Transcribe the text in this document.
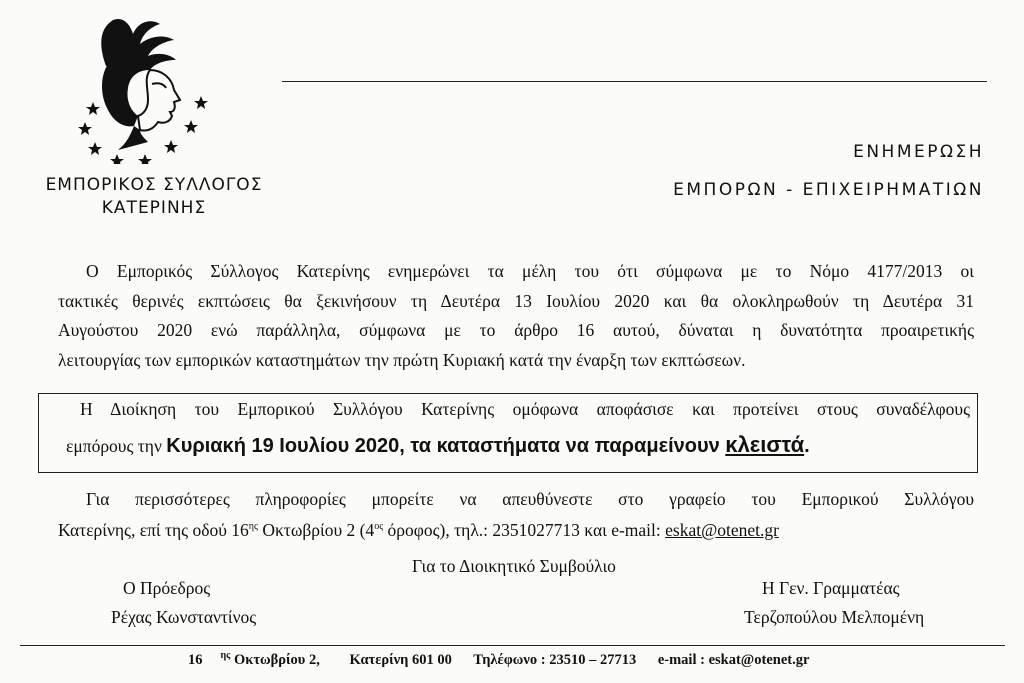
ΕΜΠΟΡΙΚΟΣ ΣΥΛΛΟΓΟΣ
ΚΑΤΕΡΙΝΗΣ
ΕΝΗΜΕΡΩΣΗ
ΕΜΠΟΡΩΝ - ΕΠΙΧΕΙΡΗΜΑΤΙΩΝ
Ο Εμπορικός Σύλλογος Κατερίνης ενημερώνει τα μέλη του ότι σύμφωνα με το Νόμο 4177/2013 οι
τακτικές θερινές εκπτώσεις θα ξεκινήσουν τη Δευτέρα 13 Ιουλίου 2020 και θα ολοκληρωθούν τη Δευτέρα 31
Αυγούστου 2020 ενώ παράλληλα, σύμφωνα με το άρθρο 16 αυτού, δύναται η δυνατότητα προαιρετικής
λειτουργίας των εμπορικών καταστημάτων την πρώτη Κυριακή κατά την έναρξη των εκπτώσεων.
Η Διοίκηση του Εμπορικού Συλλόγου Κατερίνης ομόφωνα αποφάσισε και προτείνει στους συναδέλφους
εμπόρους την Κυριακή 19 Ιουλίου 2020, τα καταστήματα να παραμείνουν κλειστά.
Για περισσότερες πληροφορίες μπορείτε να απευθύνεστε στο γραφείο του Εμπορικού Συλλόγου
Κατερίνης, επί της οδού $16^{\eta\varsigma}$ Οκτωβρίου 2 ($4^{o\varsigma}$ όροφος), τηλ.: 2351027713 και e-mail: eskat@otenet.gr
Για το Διοικητικό Συμβούλιο
Ο Πρόεδρος
Ρέχας Κωνσταντίνος
Η Γεν. Γραμματέας
Τερζοπούλου Μελπομένη
16 $^{\eta\varsigma}$ Οκτωβρίου 2, Κατερίνη 601 00 Τηλέφωνο : 23510 – 27713 e-mail : eskat@otenet.gr
